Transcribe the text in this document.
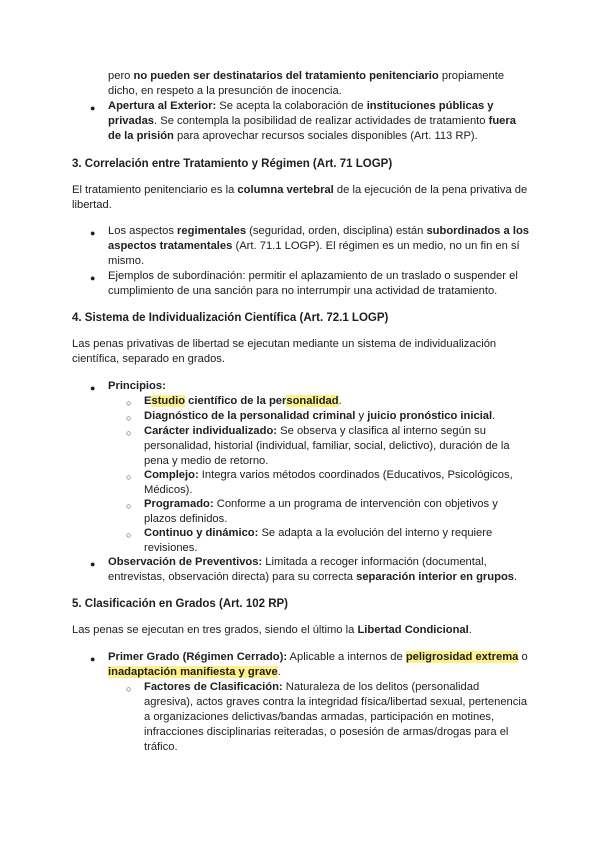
pero no pueden ser destinatarios del tratamiento penitenciario propiamente
dicho, en respeto a la presunción de inocencia.

● Apertura al Exterior: Se acepta la colaboración de instituciones públicas y
privadas. Se contempla la posibilidad de realizar actividades de tratamiento fuera
de la prisión para aprovechar recursos sociales disponibles (Art. 113 RP).

3. Correlación entre Tratamiento y Régimen (Art. 71 LOGP)

El tratamiento penitenciario es la columna vertebral de la ejecución de la pena privativa de
libertad.

● Los aspectos regimentales (seguridad, orden, disciplina) están subordinados a los
aspectos tratamentales (Art. 71.1 LOGP). El régimen es un medio, no un fin en sí
mismo.

● Ejemplos de subordinación: permitir el aplazamiento de un traslado o suspender el
cumplimiento de una sanción para no interrumpir una actividad de tratamiento.

4. Sistema de Individualización Científica (Art. 72.1 LOGP)

Las penas privativas de libertad se ejecutan mediante un sistema de individualización
científica, separado en grados.

● Principios:

○ Estudio científico de la personalidad.

○ Diagnóstico de la personalidad criminal y juicio pronóstico inicial.

○ Carácter individualizado: Se observa y clasifica al interno según su
personalidad, historial (individual, familiar, social, delictivo), duración de la
pena y medio de retorno.

○ Complejo: Integra varios métodos coordinados (Educativos, Psicológicos,
Médicos).

○ Programado: Conforme a un programa de intervención con objetivos y
plazos definidos.

○ Continuo y dinámico: Se adapta a la evolución del interno y requiere
revisiones.

● Observación de Preventivos: Limitada a recoger información (documental,
entrevistas, observación directa) para su correcta separación interior en grupos.

5. Clasificación en Grados (Art. 102 RP)

Las penas se ejecutan en tres grados, siendo el último la Libertad Condicional.

● Primer Grado (Régimen Cerrado): Aplicable a internos de peligrosidad extrema o
inadaptación manifiesta y grave.

○ Factores de Clasificación: Naturaleza de los delitos (personalidad
agresiva), actos graves contra la integridad física/libertad sexual, pertenencia
a organizaciones delictivas/bandas armadas, participación en motines,
infracciones disciplinarias reiteradas, o posesión de armas/drogas para el
tráfico.
